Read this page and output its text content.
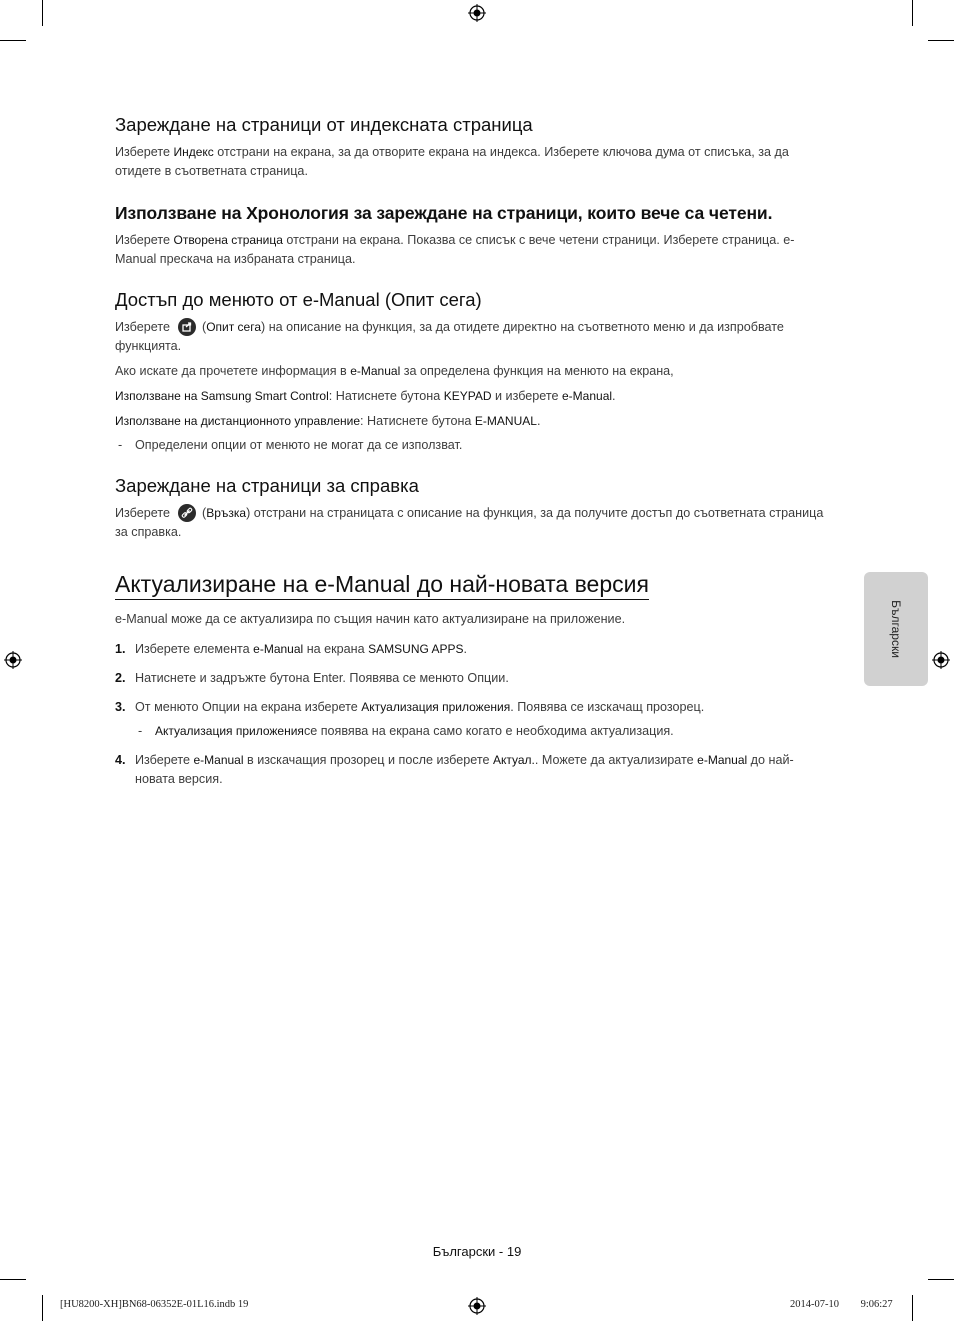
Зареждане на страници от индексната страница

Изберете Индекс отстрани на екрана, за да отворите екрана на индекса. Изберете ключова дума от списъка, за да отидете в съответната страница.

Използване на Хронология за зареждане на страници, които вече са четени.

Изберете Отворена страница отстрани на екрана. Показва се списък с вече четени страници. Изберете страница. e-Manual прескача на избраната страница.

Достъп до менюто от e-Manual (Опит сега)

Изберете	(Опит сега) на описание на функция, за да отидете директно на съответното меню и да изпробвате функцията.

Ако искате да прочетете информация в e-Manual за определена функция на менюто на екрана,

Използване на Samsung Smart Control: Натиснете бутона KEYPAD и изберете e-Manual.

Използване на дистанционното управление: Натиснете бутона E-MANUAL.

- Определени опции от менюто не могат да се използват.

Зареждане на страници за справка

Изберете	(Връзка) отстрани на страницата с описание на функция, за да получите достъп до съответната страница за справка.

Актуализиране на e-Manual до най-новата версия

e-Manual може да се актуализира по същия начин като актуализиране на приложение.

1. Изберете елемента e-Manual на екрана SAMSUNG APPS.

2. Натиснете и задръжте бутона Enter. Появява се менюто Опции.

3. От менюто Опции на екрана изберете Актуализация приложения. Появява се изскачащ прозорец.

- Актуализация приложениясе появява на екрана само когато е необходима актуализация.

4. Изберете e-Manual в изскачащия прозорец и после изберете Актуал.. Можете да актуализирате e-Manual до най-новата версия.

Български
Български - 19
[HU8200-XH]BN68-06352E-01L16.indb 19	2014-07-10 ￿￿ 9:06:27
